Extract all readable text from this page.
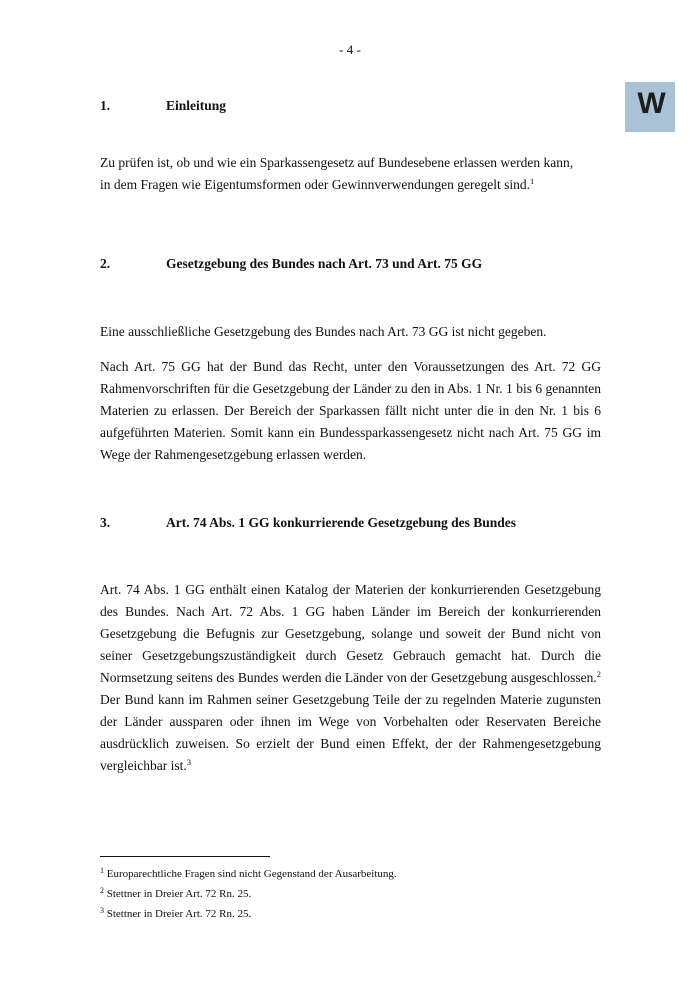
- 4 -
W
1.	Einleitung

Zu prüfen ist, ob und wie ein Sparkassengesetz auf Bundesebene erlassen werden kann,
in dem Fragen wie Eigentumsformen oder Gewinnverwendungen geregelt sind.$^1$

2.	Gesetzgebung des Bundes nach Art. 73 und Art. 75 GG

Eine ausschließliche Gesetzgebung des Bundes nach Art. 73 GG ist nicht gegeben.

Nach Art. 75 GG hat der Bund das Recht, unter den Voraussetzungen des Art. 72 GG Rahmenvorschriften für die Gesetzgebung der Länder zu den in Abs. 1 Nr. 1 bis 6 genannten Materien zu erlassen. Der Bereich der Sparkassen fällt nicht unter die in den Nr. 1 bis 6 aufgeführten Materien. Somit kann ein Bundessparkassengesetz nicht nach Art. 75 GG im Wege der Rahmengesetzgebung erlassen werden.

3.	Art. 74 Abs. 1 GG konkurrierende Gesetzgebung des Bundes

Art. 74 Abs. 1 GG enthält einen Katalog der Materien der konkurrierenden Gesetzgebung des Bundes. Nach Art. 72 Abs. 1 GG haben Länder im Bereich der konkurrierenden Gesetzgebung die Befugnis zur Gesetzgebung, solange und soweit der Bund nicht von seiner Gesetzgebungszuständigkeit durch Gesetz Gebrauch gemacht hat. Durch die Normsetzung seitens des Bundes werden die Länder von der Gesetzgebung ausgeschlossen.$^2$ Der Bund kann im Rahmen seiner Gesetzgebung Teile der zu regelnden Materie zugunsten der Länder aussparen oder ihnen im Wege von Vorbehalten oder Reservaten Bereiche ausdrücklich zuweisen. So erzielt der Bund einen Effekt, der der Rahmengesetzgebung vergleichbar ist.$^3$

$^1$ Europarechtliche Fragen sind nicht Gegenstand der Ausarbeitung.
$^2$ Stettner in Dreier Art. 72 Rn. 25.
$^3$ Stettner in Dreier Art. 72 Rn. 25.
